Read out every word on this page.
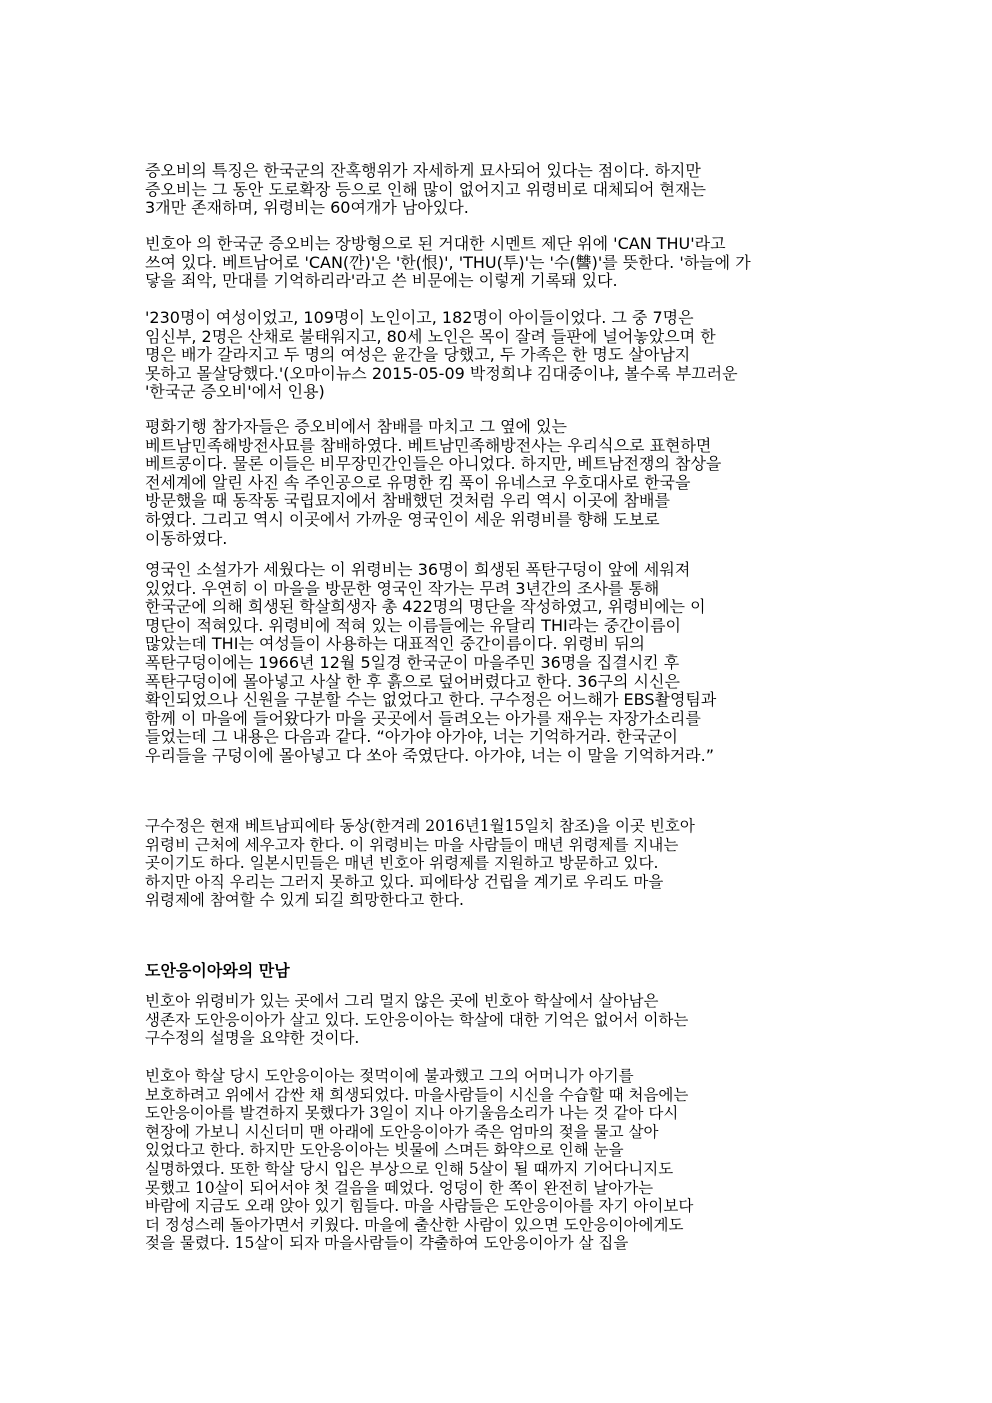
증오비의 특징은 한국군의 잔혹행위가 자세하게 묘사되어 있다는 점이다. 하지만
증오비는 그 동안 도로확장 등으로 인해 많이 없어지고 위령비로 대체되어 현재는
3개만 존재하며, 위령비는 60여개가 남아있다.
빈호아 의 한국군 증오비는 장방형으로 된 거대한 시멘트 제단 위에 'CAN THU'라고
쓰여 있다. 베트남어로 'CAN(깐)'은 '한(恨)', 'THU(투)'는 '수(讐)'를 뜻한다. '하늘에 가
닿을 죄악, 만대를 기억하리라'라고 쓴 비문에는 이렇게 기록돼 있다.
'230명이 여성이었고, 109명이 노인이고, 182명이 아이들이었다. 그 중 7명은
임신부, 2명은 산채로 불태워지고, 80세 노인은 목이 잘려 들판에 널어놓았으며 한
명은 배가 갈라지고 두 명의 여성은 윤간을 당했고, 두 가족은 한 명도 살아남지
못하고 몰살당했다.'(오마이뉴스 2015-05-09 박정희냐 김대중이냐, 볼수록 부끄러운
'한국군 증오비'에서 인용)
평화기행 참가자들은 증오비에서 참배를 마치고 그 옆에 있는
베트남민족해방전사묘를 참배하였다. 베트남민족해방전사는 우리식으로 표현하면
베트콩이다. 물론 이들은 비무장민간인들은 아니었다. 하지만, 베트남전쟁의 참상을
전세계에 알린 사진 속 주인공으로 유명한 킴 푹이 유네스코 우호대사로 한국을
방문했을 때 동작동 국립묘지에서 참배했던 것처럼 우리 역시 이곳에 참배를
하였다. 그리고 역시 이곳에서 가까운 영국인이 세운 위령비를 향해 도보로
이동하였다.
영국인 소설가가 세웠다는 이 위령비는 36명이 희생된 폭탄구덩이 앞에 세워져
있었다. 우연히 이 마을을 방문한 영국인 작가는 무려 3년간의 조사를 통해
한국군에 의해 희생된 학살희생자 총 422명의 명단을 작성하였고, 위령비에는 이
명단이 적혀있다. 위령비에 적혀 있는 이름들에는 유달리 THI라는 중간이름이
많았는데 THI는 여성들이 사용하는 대표적인 중간이름이다. 위령비 뒤의
폭탄구덩이에는 1966년 12월 5일경 한국군이 마을주민 36명을 집결시킨 후
폭탄구덩이에 몰아넣고 사살 한 후 흙으로 덮어버렸다고 한다. 36구의 시신은
확인되었으나 신원을 구분할 수는 없었다고 한다. 구수정은 어느해가 EBS촬영팀과
함께 이 마을에 들어왔다가 마을 곳곳에서 들려오는 아가를 재우는 자장가소리를
들었는데 그 내용은 다음과 같다. “아가야 아가야, 너는 기억하거라. 한국군이
우리들을 구덩이에 몰아넣고 다 쏘아 죽였단다. 아가야, 너는 이 말을 기억하거라.”
구수정은 현재 베트남피에타 동상(한겨레 2016년1월15일치 참조)을 이곳 빈호아
위령비 근처에 세우고자 한다. 이 위령비는 마을 사람들이 매년 위령제를 지내는
곳이기도 하다. 일본시민들은 매년 빈호아 위령제를 지원하고 방문하고 있다.
하지만 아직 우리는 그러지 못하고 있다. 피에타상 건립을 계기로 우리도 마을
위령제에 참여할 수 있게 되길 희망한다고 한다.
도안응이아와의 만남
빈호아 위령비가 있는 곳에서 그리 멀지 않은 곳에 빈호아 학살에서 살아남은
생존자 도안응이아가 살고 있다. 도안응이아는 학살에 대한 기억은 없어서 이하는
구수정의 설명을 요약한 것이다.
빈호아 학살 당시 도안응이아는 젖먹이에 불과했고 그의 어머니가 아기를
보호하려고 위에서 감싼 채 희생되었다. 마을사람들이 시신을 수습할 때 처음에는
도안응이아를 발견하지 못했다가 3일이 지나 아기울음소리가 나는 것 같아 다시
현장에 가보니 시신더미 맨 아래에 도안응이아가 죽은 엄마의 젖을 물고 살아
있었다고 한다. 하지만 도안응이아는 빗물에 스며든 화약으로 인해 눈을
실명하였다. 또한 학살 당시 입은 부상으로 인해 5살이 될 때까지 기어다니지도
못했고 10살이 되어서야 첫 걸음을 떼었다. 엉덩이 한 쪽이 완전히 날아가는
바람에 지금도 오래 앉아 있기 힘들다. 마을 사람들은 도안응이아를 자기 아이보다
더 정성스레 돌아가면서 키웠다. 마을에 출산한 사람이 있으면 도안응이아에게도
젖을 물렸다. 15살이 되자 마을사람들이 갹출하여 도안응이아가 살 집을
